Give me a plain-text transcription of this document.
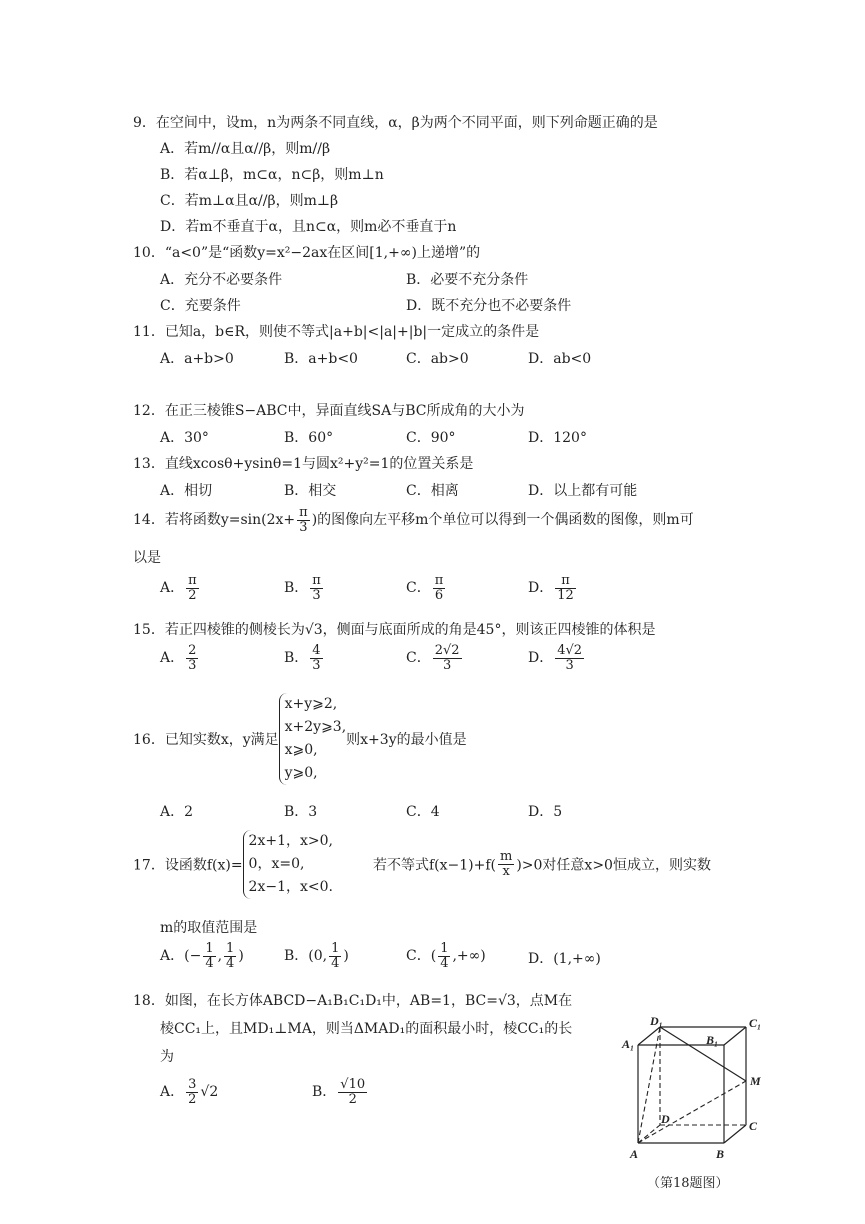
9．在空间中，设m，n为两条不同直线，α，β为两个不同平面，则下列命题正确的是
A．若m//α且α//β，则m//β
B．若α⊥β，m⊂α，n⊂β，则m⊥n
C．若m⊥α且α//β，则m⊥β
D．若m不垂直于α，且n⊂α，则m必不垂直于n
10．“a<0”是“函数y=x²−2ax在区间[1,+∞)上递增”的
A．充分不必要条件	B．必要不充分条件
C．充要条件	D．既不充分也不必要条件
11．已知a，b∈R，则使不等式|a+b|<|a|+|b|一定成立的条件是
A．a+b>0	B．a+b<0	C．ab>0	D．ab<0
12．在正三棱锥S−ABC中，异面直线SA与BC所成角的大小为
A．30°	B．60°	C．90°	D．120°
13．直线xcosθ+ysinθ=1与圆x²+y²=1的位置关系是
A．相切	B．相交	C．相离	D．以上都有可能
14．若将函数$y=\sin(2x+ \frac{\pi}{3}$ )的图像向左平移m个单位可以得到一个偶函数的图像，则m可
以是
A． $\frac{\pi}{2}$	B． $\frac{\pi}{3}$	C． $\frac{\pi}{6}$	D． $\frac{\pi}{12}$
15．若正四棱锥的侧棱长为√3，侧面与底面所成的角是45°，则该正四棱锥的体积是
A． $\frac{2}{3}$	B． $\frac{4}{3}$	C． $\frac{2√2}{3}$	D． $\frac{4√2}{3}$
16．已知实数x，y满足
x+y⩾2,
x+2y⩾3,
x⩾0,
y⩾0,
则x+3y的最小值是
A．2	B．3	C．4	D．5
17．设函数f(x)=
2x+1，x>0,
0，x=0,
2x−1，x<0.
若不等式$f(x-1)+f( \frac{m}{x} )>0$对任意x>0恒成立，则实数
m的取值范围是
A．(− $\frac{1}{4}$ , $\frac{1}{4}$ )	B．(0, $\frac{1}{4}$ )	C．( $\frac{1}{4}$ ,+∞)	D．(1,+∞)
18．如图，在长方体ABCD−A₁B₁C₁D₁中，AB=1，BC=√3，点M在
棱CC₁上，且MD₁⊥MA，则当ΔMAD₁的面积最小时，棱CC₁的长
为
A． $\frac{3}{2} √2$	B． $\frac{√10}{2}$
D₁	C₁
A₁	B₁
M
D	C
A	B
（第18题图）
